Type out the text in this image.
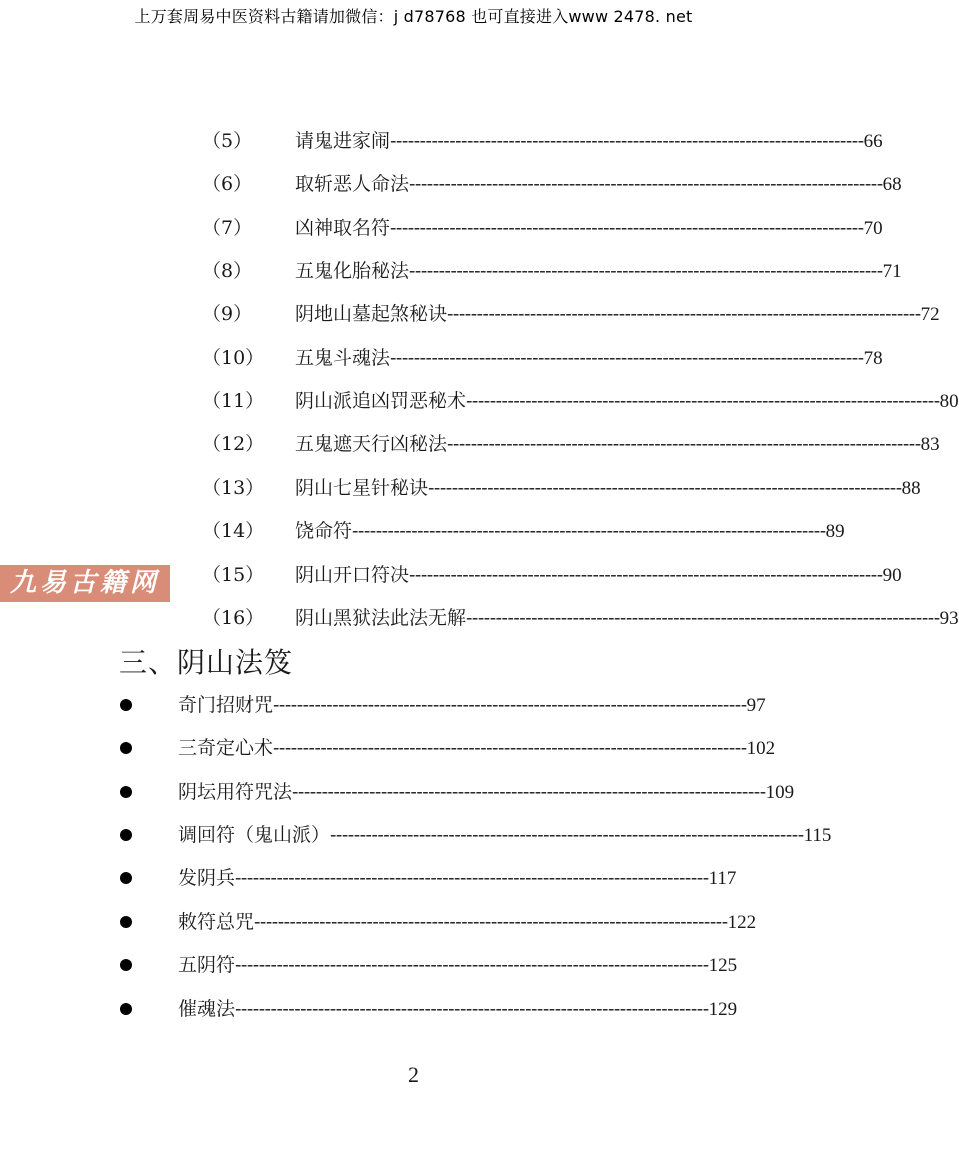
上万套周易中医资料古籍请加微信：j d78768 也可直接进入www 2478. net
（5） 请鬼进家闹 -------------------------------------------------------------------------------- 66
（6） 取斩恶人命法 -------------------------------------------------------------------------------- 68
（7） 凶神取名符 -------------------------------------------------------------------------------- 70
（8） 五鬼化胎秘法 -------------------------------------------------------------------------------- 71
（9） 阴地山墓起煞秘诀 -------------------------------------------------------------------------------- 72
（10） 五鬼斗魂法 -------------------------------------------------------------------------------- 78
（11） 阴山派追凶罚恶秘术 -------------------------------------------------------------------------------- 80
（12） 五鬼遮天行凶秘法 -------------------------------------------------------------------------------- 83
（13） 阴山七星针秘诀 -------------------------------------------------------------------------------- 88
（14） 饶命符 -------------------------------------------------------------------------------- 89
（15） 阴山开口符决 -------------------------------------------------------------------------------- 90
（16） 阴山黑狱法此法无解 -------------------------------------------------------------------------------- 93
九易古籍网
三、阴山法笈
奇门招财咒 -------------------------------------------------------------------------------- 97
三奇定心术 -------------------------------------------------------------------------------- 102
阴坛用符咒法 -------------------------------------------------------------------------------- 109
调回符（鬼山派） -------------------------------------------------------------------------------- 115
发阴兵 -------------------------------------------------------------------------------- 117
敕符总咒 -------------------------------------------------------------------------------- 122
五阴符 -------------------------------------------------------------------------------- 125
催魂法 -------------------------------------------------------------------------------- 129
2
